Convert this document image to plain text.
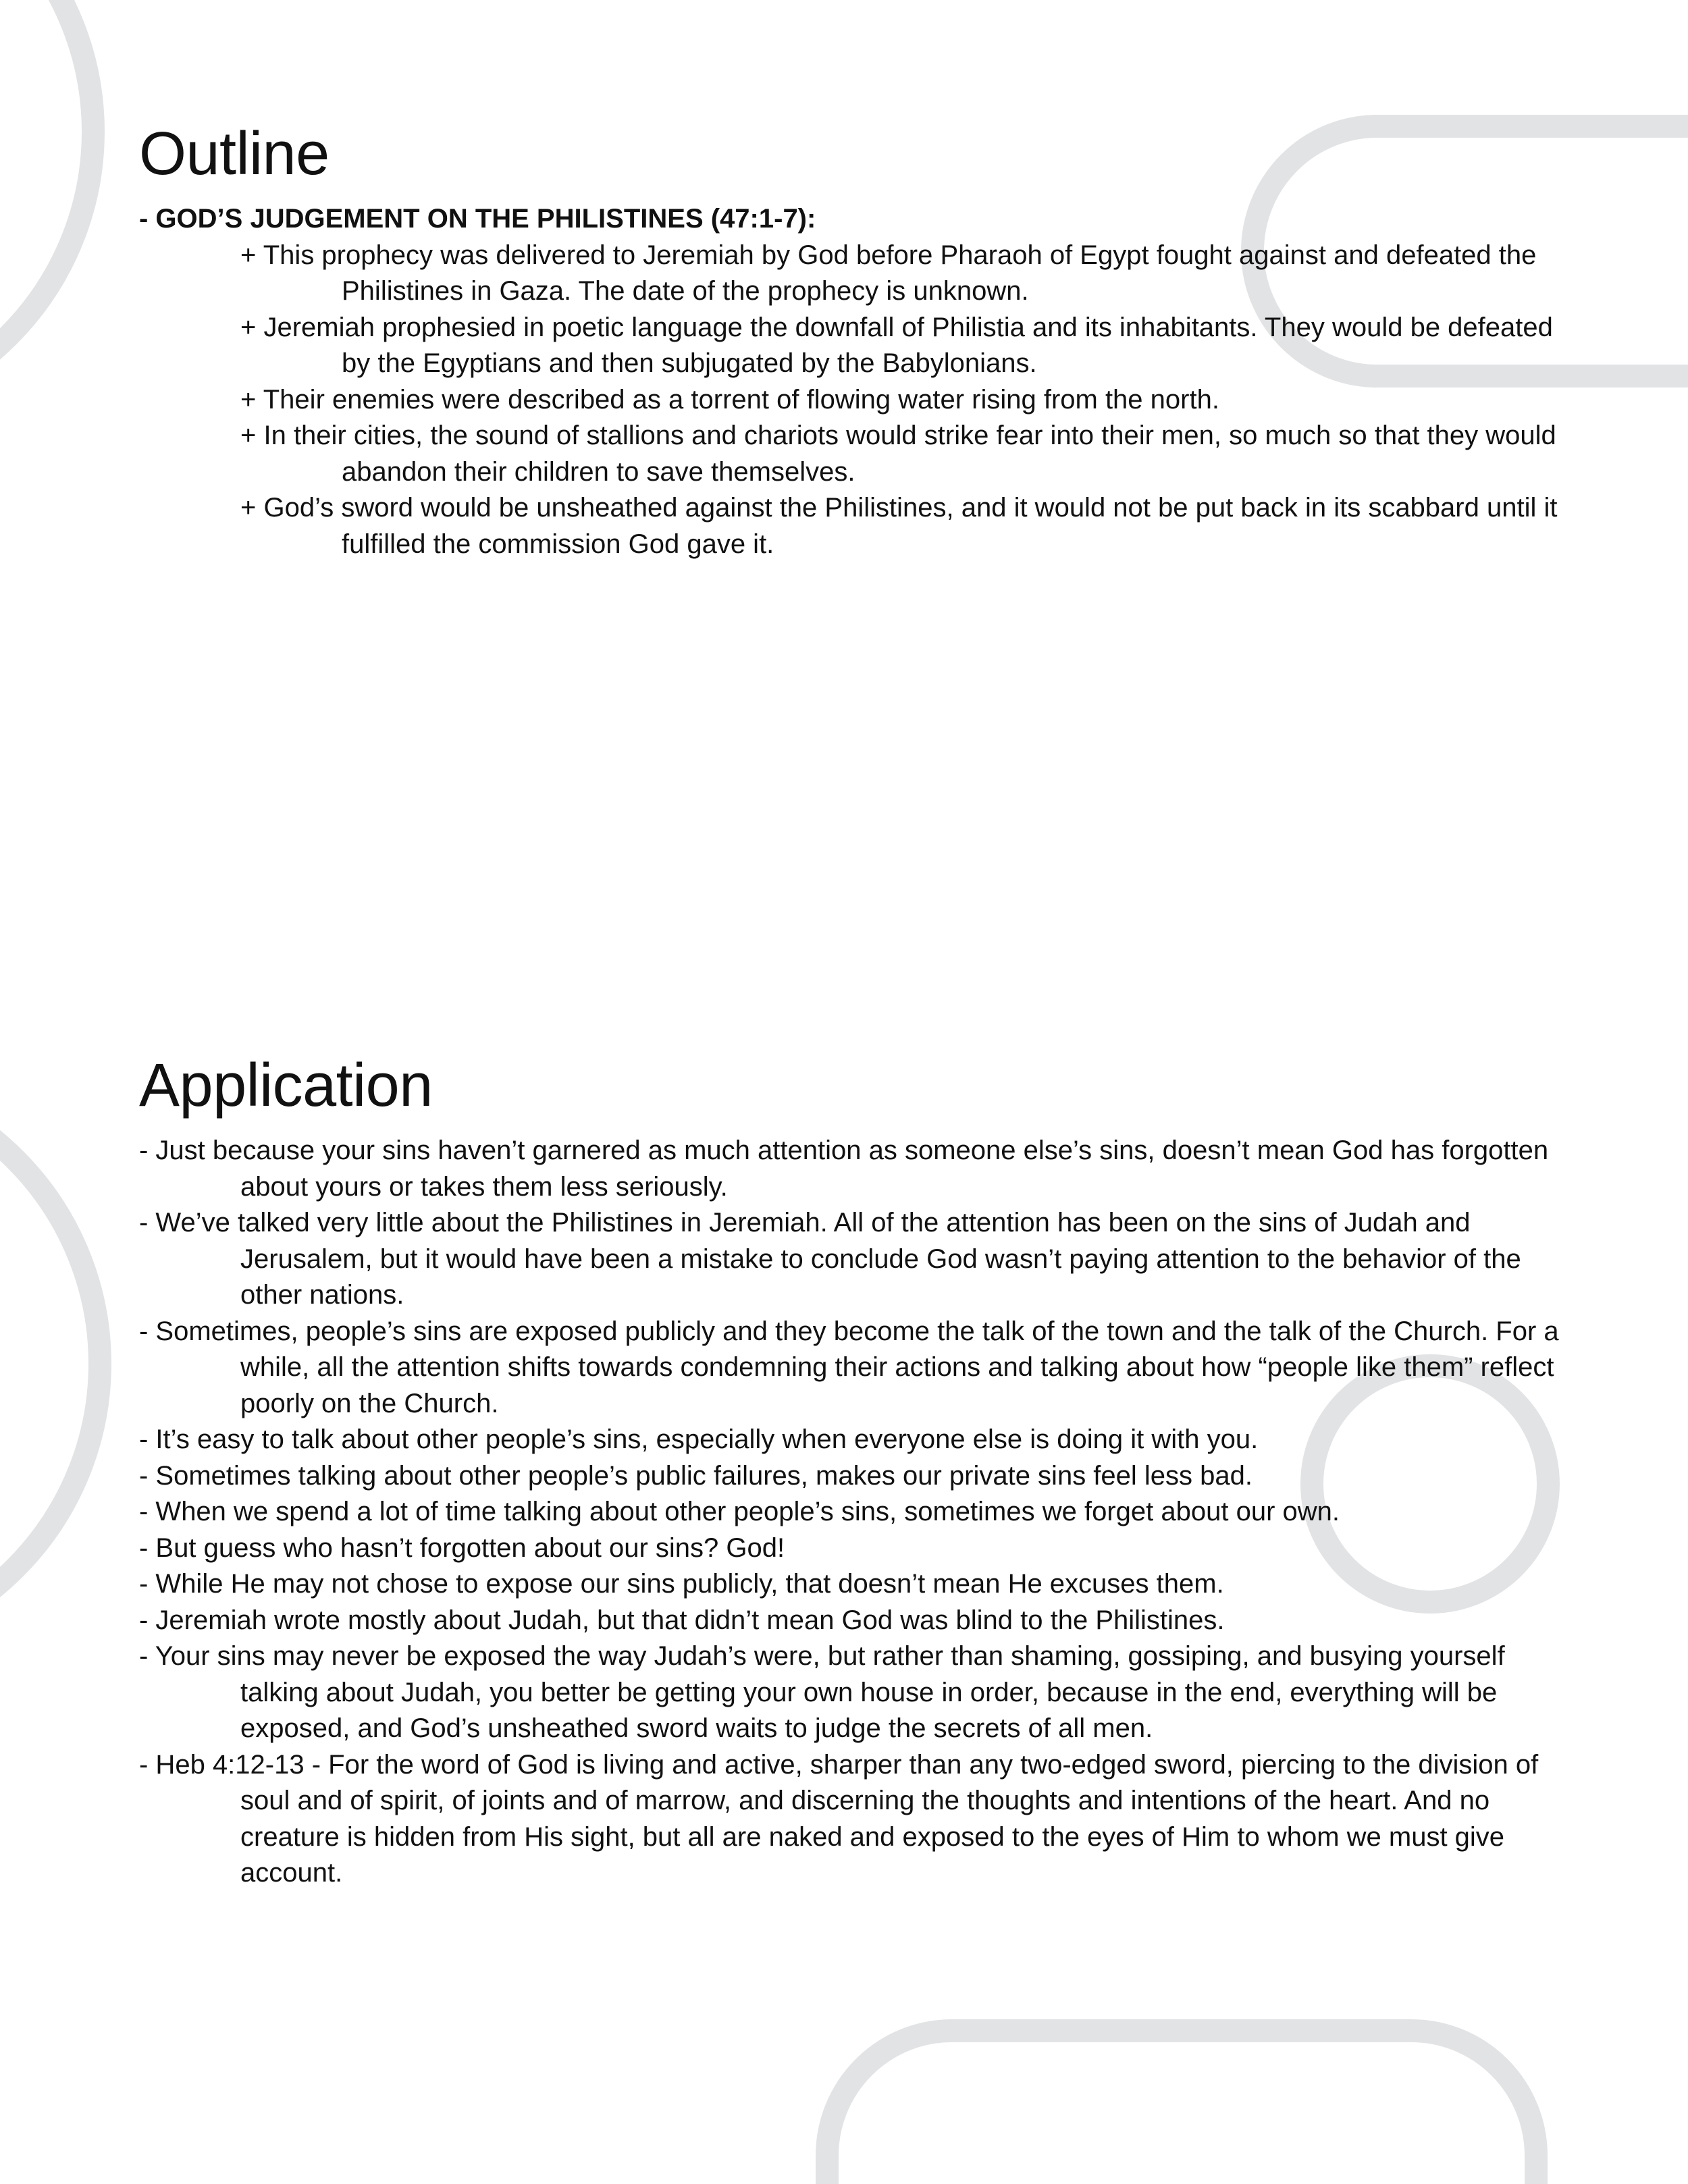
Outline
- GOD’S JUDGEMENT ON THE PHILISTINES (47:1-7):
+ This prophecy was delivered to Jeremiah by God before Pharaoh of Egypt fought against and defeated the Philistines in Gaza. The date of the prophecy is unknown.
+ Jeremiah prophesied in poetic language the downfall of Philistia and its inhabitants. They would be defeated by the Egyptians and then subjugated by the Babylonians.
+ Their enemies were described as a torrent of flowing water rising from the north.
+ In their cities, the sound of stallions and chariots would strike fear into their men, so much so that they would abandon their children to save themselves.
+ God’s sword would be unsheathed against the Philistines, and it would not be put back in its scabbard until it fulfilled the commission God gave it.
Application
- Just because your sins haven’t garnered as much attention as someone else’s sins, doesn’t mean God has forgotten about yours or takes them less seriously.
- We’ve talked very little about the Philistines in Jeremiah. All of the attention has been on the sins of Judah and Jerusalem, but it would have been a mistake to conclude God wasn’t paying attention to the behavior of the other nations.
- Sometimes, people’s sins are exposed publicly and they become the talk of the town and the talk of the Church. For a while, all the attention shifts towards condemning their actions and talking about how “people like them” reflect poorly on the Church.
- It’s easy to talk about other people’s sins, especially when everyone else is doing it with you.
- Sometimes talking about other people’s public failures, makes our private sins feel less bad.
- When we spend a lot of time talking about other people’s sins, sometimes we forget about our own.
- But guess who hasn’t forgotten about our sins? God!
- While He may not chose to expose our sins publicly, that doesn’t mean He excuses them.
- Jeremiah wrote mostly about Judah, but that didn’t mean God was blind to the Philistines.
- Your sins may never be exposed the way Judah’s were, but rather than shaming, gossiping, and busying yourself talking about Judah, you better be getting your own house in order, because in the end, everything will be exposed, and God’s unsheathed sword waits to judge the secrets of all men.
- Heb 4:12-13 - For the word of God is living and active, sharper than any two-edged sword, piercing to the division of soul and of spirit, of joints and of marrow, and discerning the thoughts and intentions of the heart. And no creature is hidden from His sight, but all are naked and exposed to the eyes of Him to whom we must give account.
